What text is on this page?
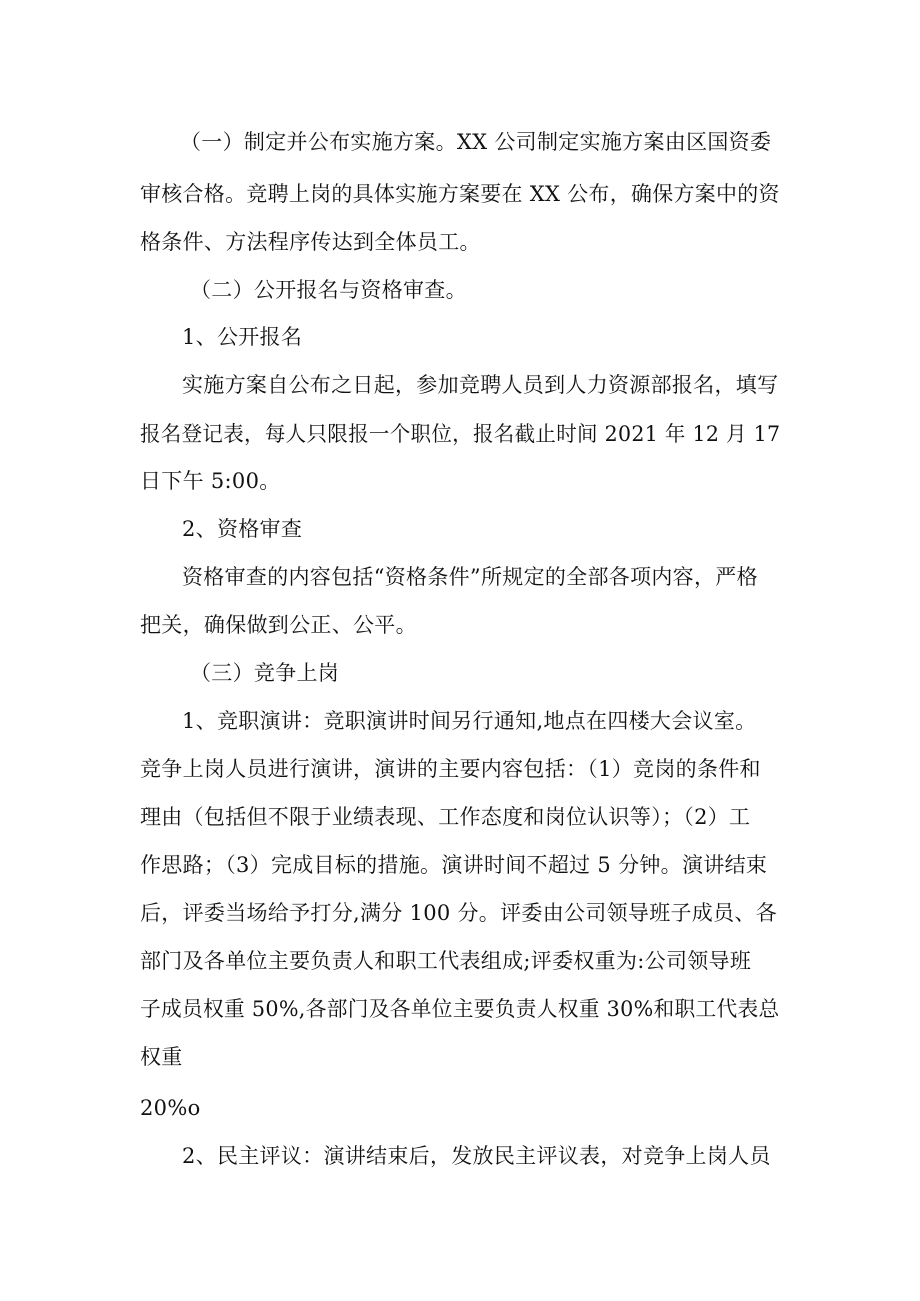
（一）制定并公布实施方案。XX 公司制定实施方案由区国资委
审核合格。竞聘上岗的具体实施方案要在 XX 公布，确保方案中的资
格条件、方法程序传达到全体员工。
（二）公开报名与资格审查。
1、公开报名
实施方案自公布之日起，参加竞聘人员到人力资源部报名，填写
报名登记表，每人只限报一个职位，报名截止时间 2021 年 12 月 17
日下午 5:00。
2、资格审查
资格审查的内容包括“资格条件”所规定的全部各项内容，严格
把关，确保做到公正、公平。
（三）竞争上岗
1、竞职演讲：竞职演讲时间另行通知,地点在四楼大会议室。
竞争上岗人员进行演讲，演讲的主要内容包括：（1）竞岗的条件和
理由（包括但不限于业绩表现、工作态度和岗位认识等）；（2）工
作思路；（3）完成目标的措施。演讲时间不超过 5 分钟。演讲结束
后，评委当场给予打分,满分 100 分。评委由公司领导班子成员、各
部门及各单位主要负责人和职工代表组成;评委权重为:公司领导班
子成员权重 50%,各部门及各单位主要负责人权重 30%和职工代表总
权重
20%o
2、民主评议：演讲结束后，发放民主评议表，对竞争上岗人员
